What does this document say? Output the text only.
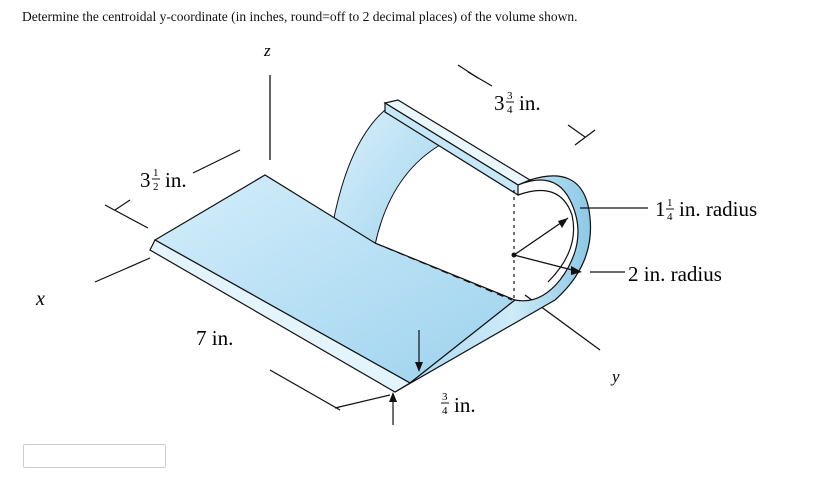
Determine the centroidal y-coordinate (in inches, round=off to 2 decimal places) of the volume shown.
z
x
y
1 1
4 in. radius
2 in. radius
3 3
4 in.
3 1
2 in.
7 in.
3
4 in.
